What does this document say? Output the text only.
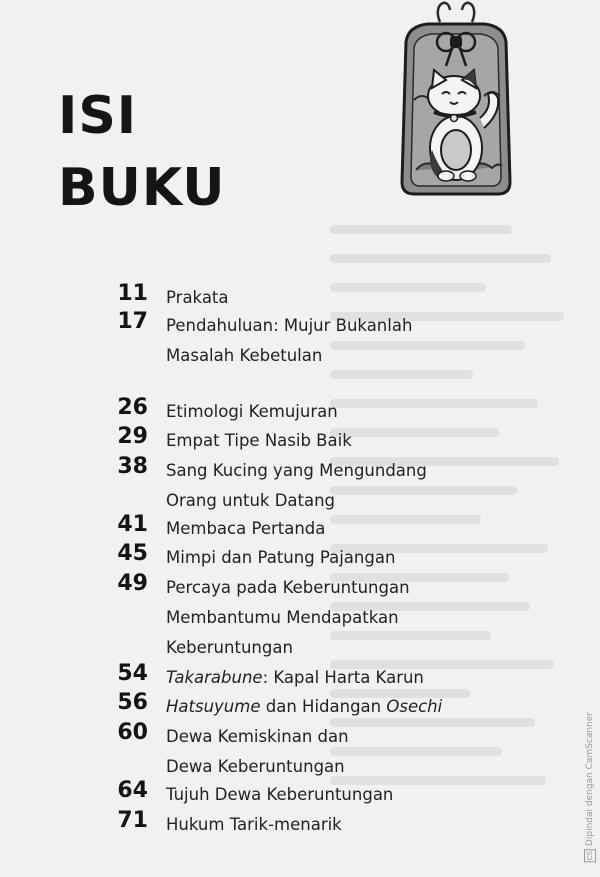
ISI
BUKU
11 Prakata
17 Pendahuluan: Mujur Bukanlah
Masalah Kebetulan
26 Etimologi Kemujuran
29 Empat Tipe Nasib Baik
38 Sang Kucing yang Mengundang
Orang untuk Datang
41 Membaca Pertanda
45 Mimpi dan Patung Pajangan
49 Percaya pada Keberuntungan
Membantumu Mendapatkan
Keberuntungan
54 Takarabune: Kapal Harta Karun
56 Hatsuyume dan Hidangan Osechi
60 Dewa Kemiskinan dan
Dewa Keberuntungan
64 Tujuh Dewa Keberuntungan
71 Hukum Tarik-menarik
CS Dipindai dengan CamScanner
